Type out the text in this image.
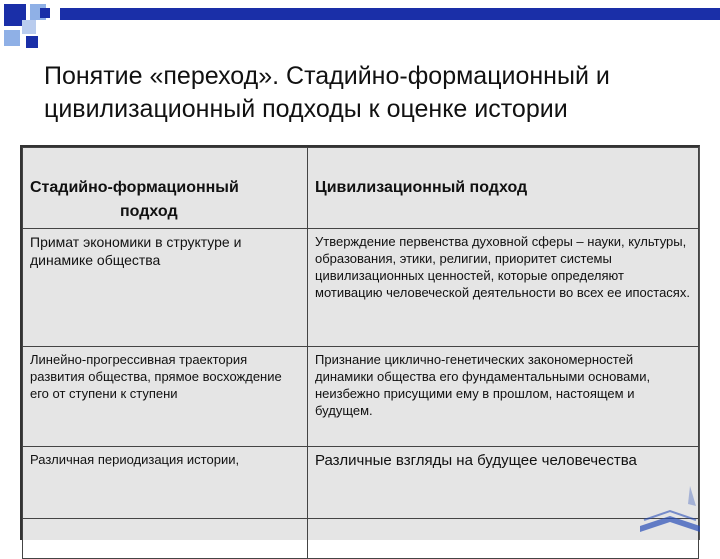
Понятие «переход». Стадийно-формационный и цивилизационный подходы к оценке истории
Стадийно-формационный
подход	Цивилизационный подход
Примат экономики в структуре и динамике общества	Утверждение первенства духовной сферы – науки, культуры, образования, этики, религии, приоритет системы цивилизационных ценностей, которые определяют мотивацию человеческой деятельности во всех ее ипостасях.
Линейно-прогрессивная траектория развития общества, прямое восхождение его от ступени к ступени	Признание циклично-генетических закономерностей динамики общества его фундаментальными основами, неизбежно присущими ему в прошлом, настоящем и будущем.
Различная периодизация истории,	Различные взгляды на будущее человечества
